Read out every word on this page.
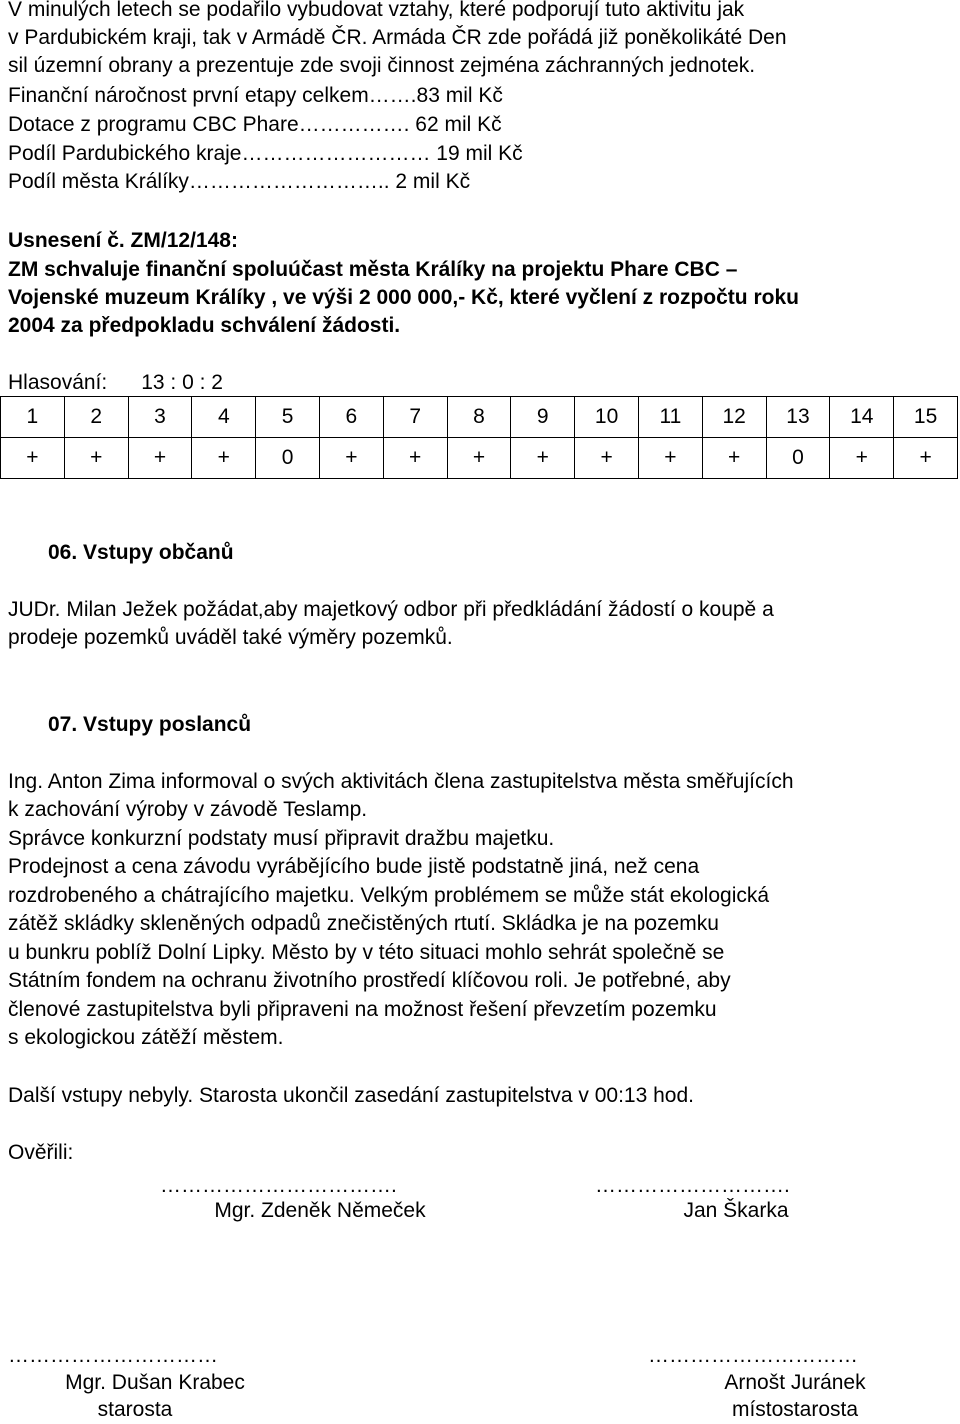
V minulých letech se podařilo vybudovat vztahy, které podporují tuto aktivitu jak
v Pardubickém kraji, tak v Armádě ČR. Armáda ČR zde pořádá již poněkolikáté Den
sil územní obrany a prezentuje zde svoji činnost zejména záchranných jednotek.
Finanční náročnost první etapy celkem…….83 mil Kč
Dotace z programu CBC Phare……………. 62 mil Kč
Podíl Pardubického kraje……………………… 19 mil Kč
Podíl města Králíky……………………….. 2 mil Kč
Usnesení č. ZM/12/148:
ZM schvaluje finanční spoluúčast města Králíky na projektu Phare CBC –
Vojenské muzeum Králíky , ve výši 2 000 000,- Kč, které vyčlení z rozpočtu roku
2004 za předpokladu schválení žádosti.
Hlasování: 13 : 0 : 2
1	2	3	4	5	6	7	8	9	10	11	12	13	14	15
+	+	+	+	0	+	+	+	+	+	+	+	0	+	+
06. Vstupy občanů
JUDr. Milan Ježek požádat,aby majetkový odbor při předkládání žádostí o koupě a
prodeje pozemků uváděl také výměry pozemků.
07. Vstupy poslanců
Ing. Anton Zima informoval o svých aktivitách člena zastupitelstva města směřujících
k zachování výroby v závodě Teslamp.
Správce konkurzní podstaty musí připravit dražbu majetku.
Prodejnost a cena závodu vyrábějícího bude jistě podstatně jiná, než cena
rozdrobeného a chátrajícího majetku. Velkým problémem se může stát ekologická
zátěž skládky skleněných odpadů znečistěných rtutí. Skládka je na pozemku
u bunkru poblíž Dolní Lipky. Město by v této situaci mohlo sehrát společně se
Státním fondem na ochranu životního prostředí klíčovou roli. Je potřebné, aby
členové zastupitelstva byli připraveni na možnost řešení převzetím pozemku
s ekologickou zátěží městem.
Další vstupy nebyly. Starosta ukončil zasedání zastupitelstva v 00:13 hod.
Ověřili:
…………………………….	……………………….
Mgr. Zdeněk Němeček	Jan Škarka
…………………………	…………………………
Mgr. Dušan Krabec
starosta
Arnošt Juránek
místostarosta
